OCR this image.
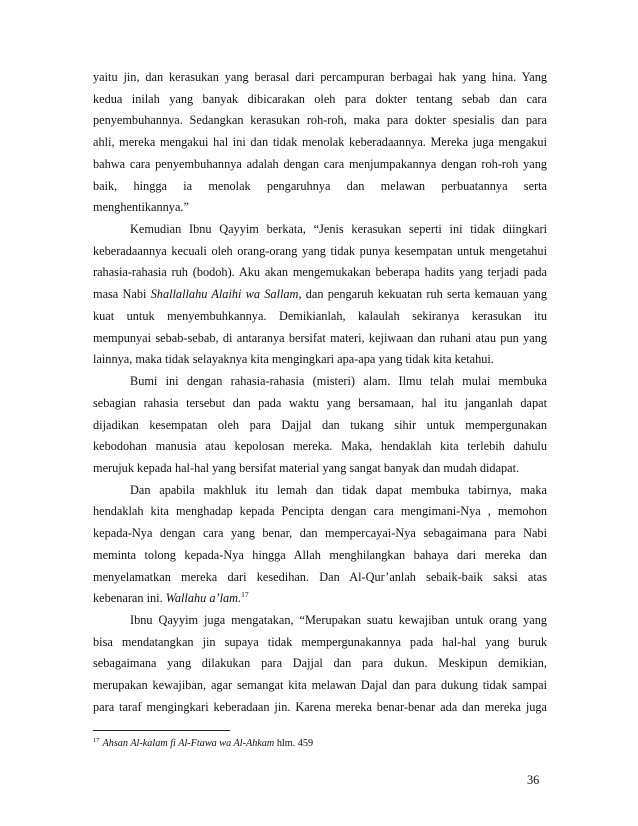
yaitu jin, dan kerasukan yang berasal dari percampuran berbagai hak yang hina. Yang
kedua inilah yang banyak dibicarakan oleh para dokter tentang sebab dan cara
penyembuhannya. Sedangkan kerasukan roh-roh, maka para dokter spesialis dan para
ahli, mereka mengakui hal ini dan tidak menolak keberadaannya. Mereka juga mengakui
bahwa cara penyembuhannya adalah dengan cara menjumpakannya dengan roh-roh yang
baik, hingga ia menolak pengaruhnya dan melawan perbuatannya serta
menghentikannya.”
Kemudian Ibnu Qayyim berkata, “Jenis kerasukan seperti ini tidak diingkari
keberadaannya kecuali oleh orang-orang yang tidak punya kesempatan untuk mengetahui
rahasia-rahasia ruh (bodoh). Aku akan mengemukakan beberapa hadits yang terjadi pada
masa Nabi Shallallahu Alaihi wa Sallam, dan pengaruh kekuatan ruh serta kemauan yang
kuat untuk menyembuhkannya. Demikianlah, kalaulah sekiranya kerasukan itu
mempunyai sebab-sebab, di antaranya bersifat materi, kejiwaan dan ruhani atau pun yang
lainnya, maka tidak selayaknya kita mengingkari apa-apa yang tidak kita ketahui.
Bumi ini dengan rahasia-rahasia (misteri) alam. Ilmu telah mulai membuka
sebagian rahasia tersebut dan pada waktu yang bersamaan, hal itu janganlah dapat
dijadikan kesempatan oleh para Dajjal dan tukang sihir untuk mempergunakan
kebodohan manusia atau kepolosan mereka. Maka, hendaklah kita terlebih dahulu
merujuk kepada hal-hal yang bersifat material yang sangat banyak dan mudah didapat.
Dan apabila makhluk itu lemah dan tidak dapat membuka tabirnya, maka
hendaklah kita menghadap kepada Pencipta dengan cara mengimani-Nya , memohon
kepada-Nya dengan cara yang benar, dan mempercayai-Nya sebagaimana para Nabi
meminta tolong kepada-Nya hingga Allah menghilangkan bahaya dari mereka dan
menyelamatkan mereka dari kesedihan. Dan Al-Qur’anlah sebaik-baik saksi atas
kebenaran ini. Wallahu a’lam.$^{17}$
Ibnu Qayyim juga mengatakan, “Merupakan suatu kewajiban untuk orang yang
bisa mendatangkan jin supaya tidak mempergunakannya pada hal-hal yang buruk
sebagaimana yang dilakukan para Dajjal dan para dukun. Meskipun demikian,
merupakan kewajiban, agar semangat kita melawan Dajal dan para dukung tidak sampai
para taraf mengingkari keberadaan jin. Karena mereka benar-benar ada dan mereka juga
$^{17}$ Ahsan Al-kalam fi Al-Ftawa wa Al-Ahkam hlm. 459
36
